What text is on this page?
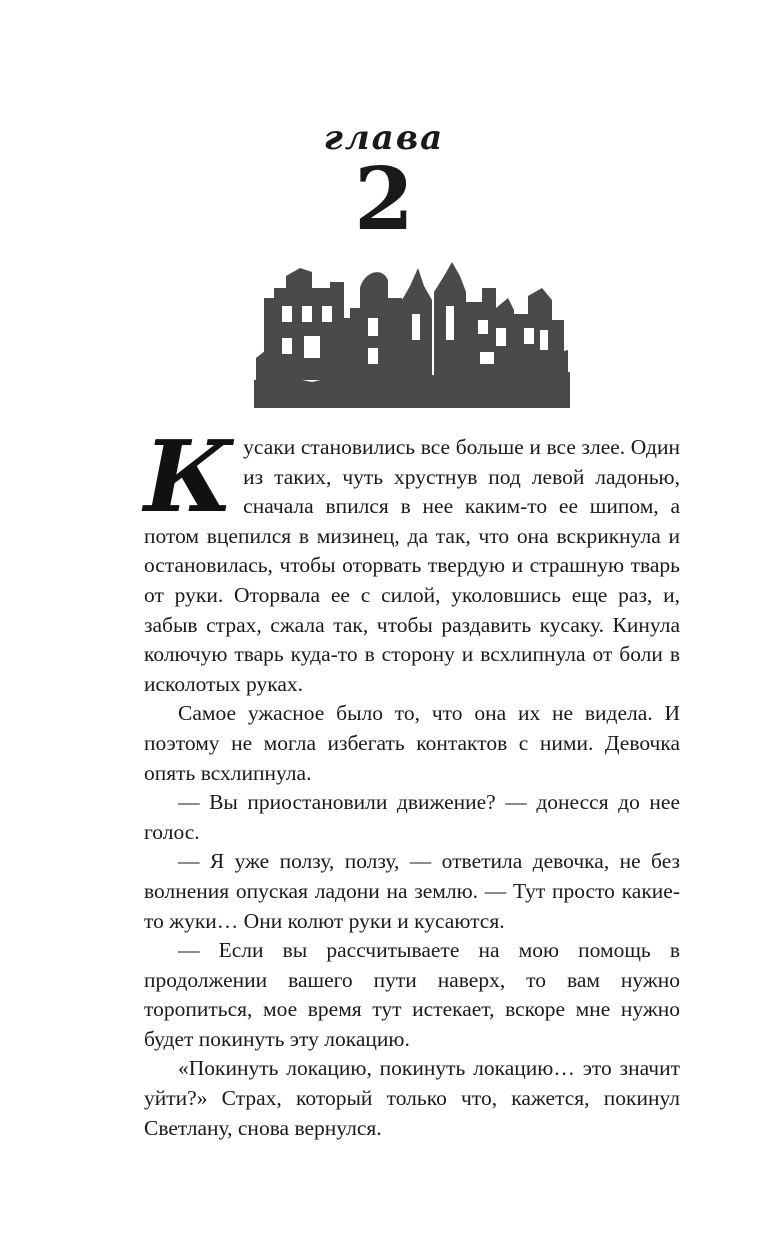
глава
2

Кусаки становились все больше и все злее. Один из таких, чуть хрустнув под левой ладонью, сначала впился в нее каким-то ее шипом, а потом вцепился в мизинец, да так, что она вскрикнула и остановилась, чтобы оторвать твердую и страшную тварь от руки. Оторвала ее с силой, уколовшись еще раз, и, забыв страх, сжала так, чтобы раздавить кусаку. Кинула колючую тварь куда-то в сторону и всхлипнула от боли в исколотых руках.

Самое ужасное было то, что она их не видела. И поэтому не могла избегать контактов с ними. Девочка опять всхлипнула.

— Вы приостановили движение? — донесся до нее голос.

— Я уже ползу, ползу, — ответила девочка, не без волнения опуская ладони на землю. — Тут просто какие-то жуки… Они колют руки и кусаются.

— Если вы рассчитываете на мою помощь в продолжении вашего пути наверх, то вам нужно торопиться, мое время тут истекает, вскоре мне нужно будет покинуть эту локацию.

«Покинуть локацию, покинуть локацию… это значит уйти?» Страх, который только что, кажется, покинул Светлану, снова вернулся.
